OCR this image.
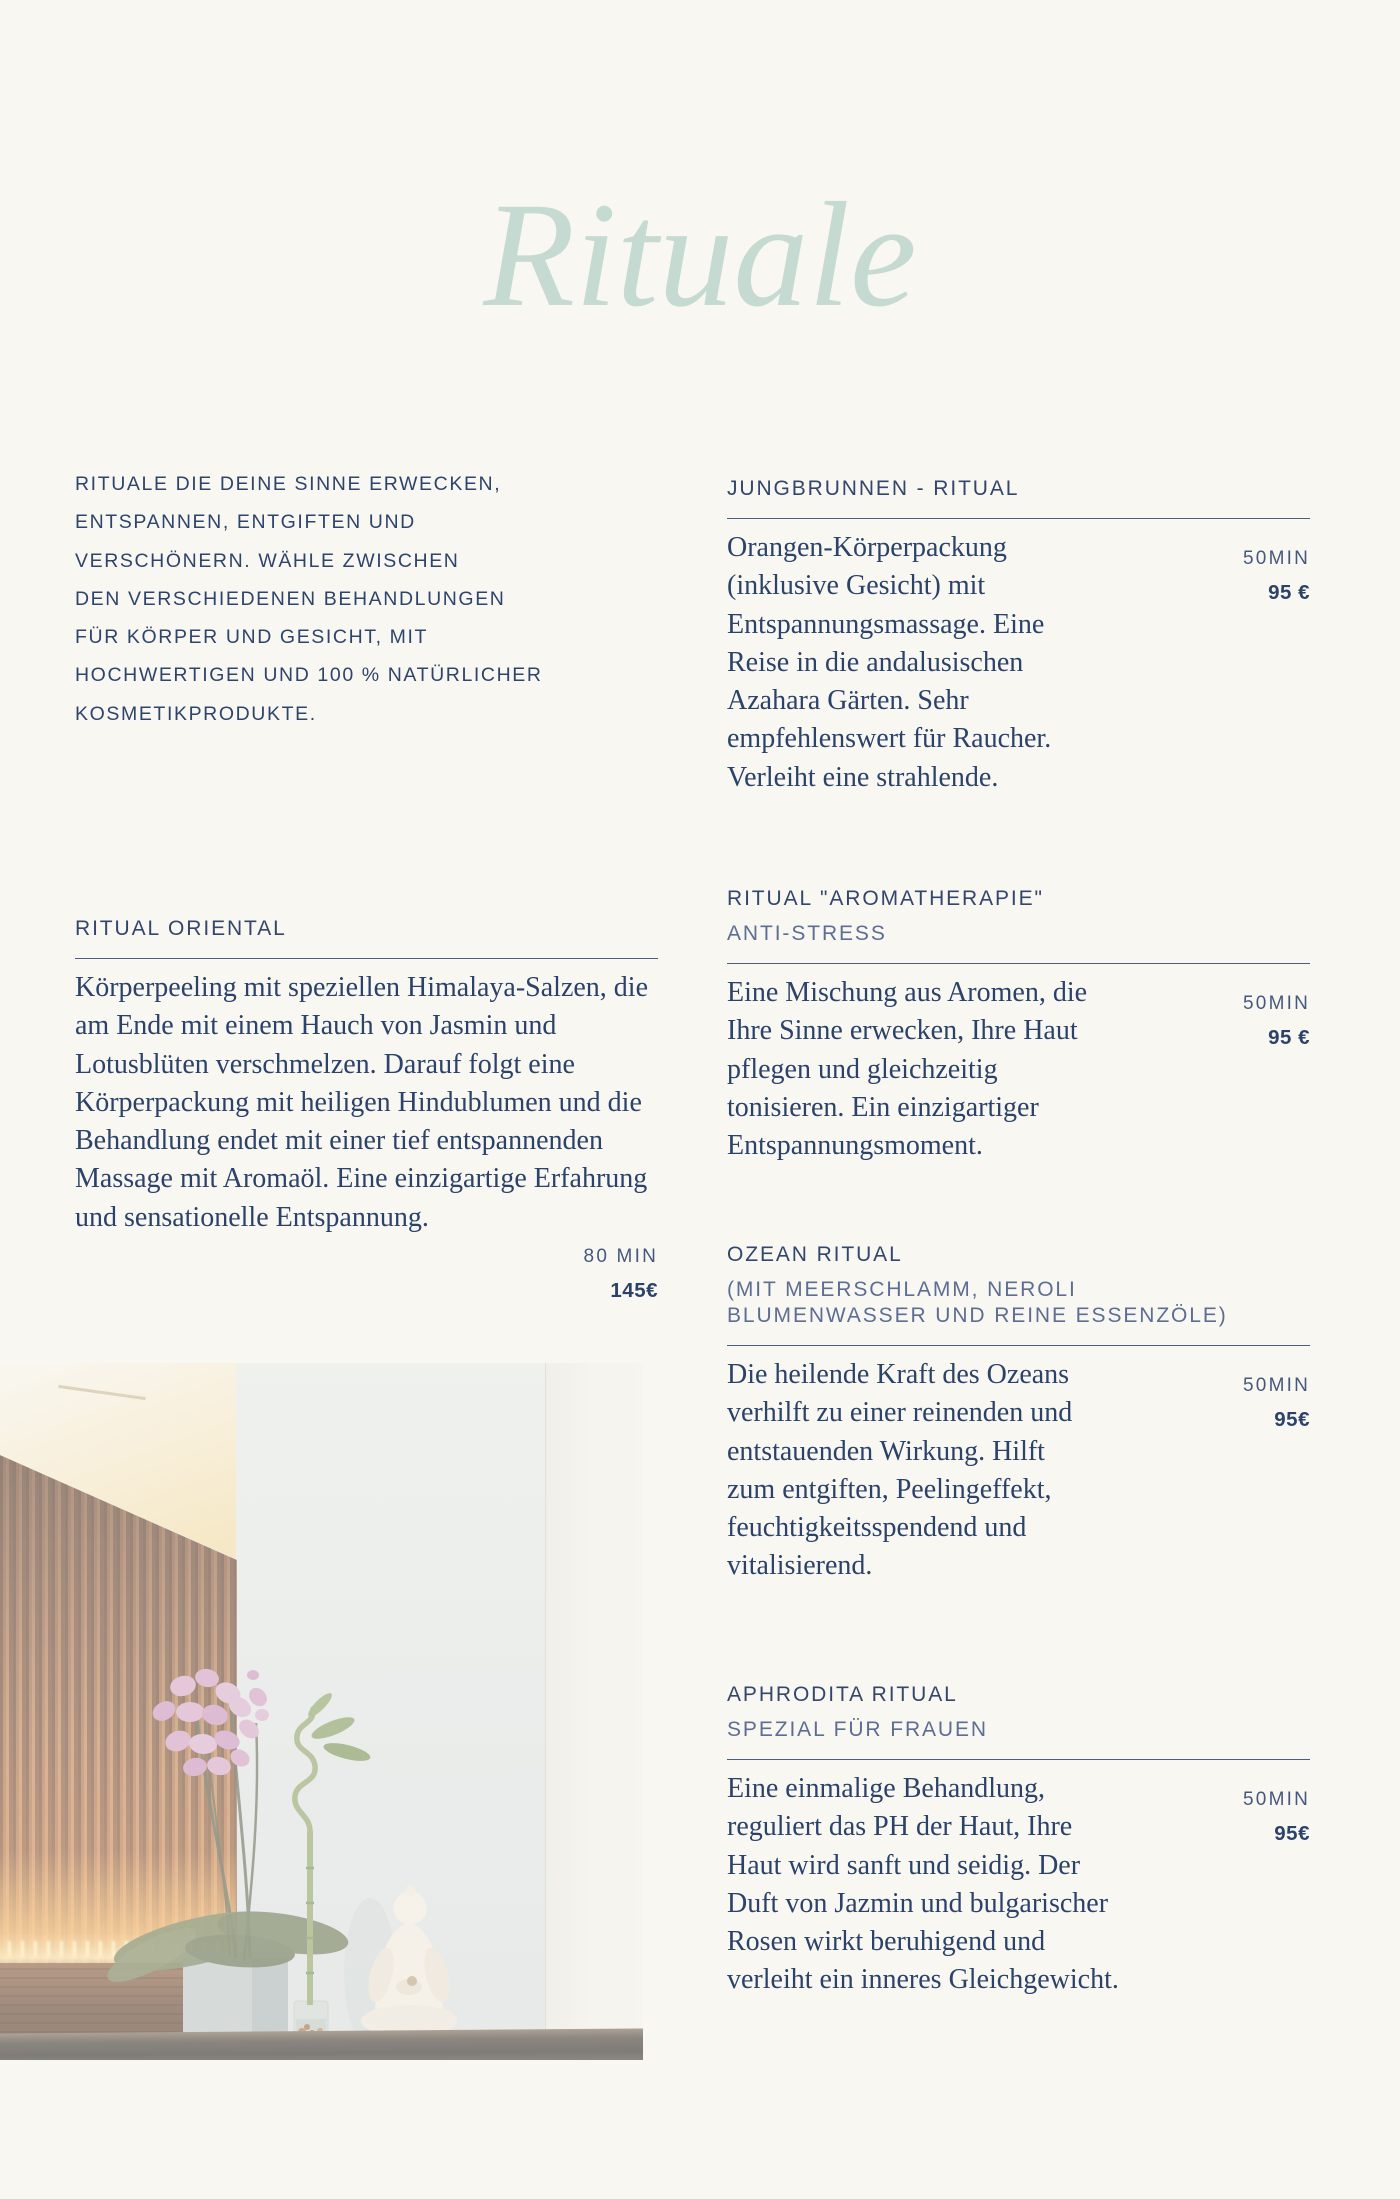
Rituale
RITUALE DIE DEINE SINNE ERWECKEN,
ENTSPANNEN, ENTGIFTEN UND
VERSCHÖNERN. WÄHLE ZWISCHEN
DEN VERSCHIEDENEN BEHANDLUNGEN
FÜR KÖRPER UND GESICHT, MIT
HOCHWERTIGEN UND 100 % NATÜRLICHER
KOSMETIKPRODUKTE.
JUNGBRUNNEN - RITUAL

Orangen-Körperpackung (inklusive Gesicht) mit Entspannungsmassage. Eine Reise in die andalusischen Azahara Gärten. Sehr empfehlenswert für Raucher. Verleiht eine strahlende.

50MIN
95 €
RITUAL ORIENTAL

Körperpeeling mit speziellen Himalaya-Salzen, die am Ende mit einem Hauch von Jasmin und Lotusblüten verschmelzen. Darauf folgt eine Körperpackung mit heiligen Hindublumen und die Behandlung endet mit einer tief entspannenden Massage mit Aromaöl. Eine einzigartige Erfahrung und sensationelle Entspannung.

80 MIN
145€
RITUAL "AROMATHERAPIE"
ANTI-STRESS

Eine Mischung aus Aromen, die Ihre Sinne erwecken, Ihre Haut pflegen und gleichzeitig tonisieren. Ein einzigartiger Entspannungsmoment.

50MIN
95 €
OZEAN RITUAL
(MIT MEERSCHLAMM, NEROLI
BLUMENWASSER UND REINE ESSENZÖLE)

Die heilende Kraft des Ozeans verhilft zu einer reinenden und entstauenden Wirkung. Hilft zum entgiften, Peelingeffekt, feuchtigkeitsspendend und vitalisierend.

50MIN
95€
APHRODITA RITUAL
SPEZIAL FÜR FRAUEN

Eine einmalige Behandlung, reguliert das PH der Haut, Ihre Haut wird sanft und seidig. Der Duft von Jazmin und bulgarischer Rosen wirkt beruhigend und verleiht ein inneres Gleichgewicht.

50MIN
95€
